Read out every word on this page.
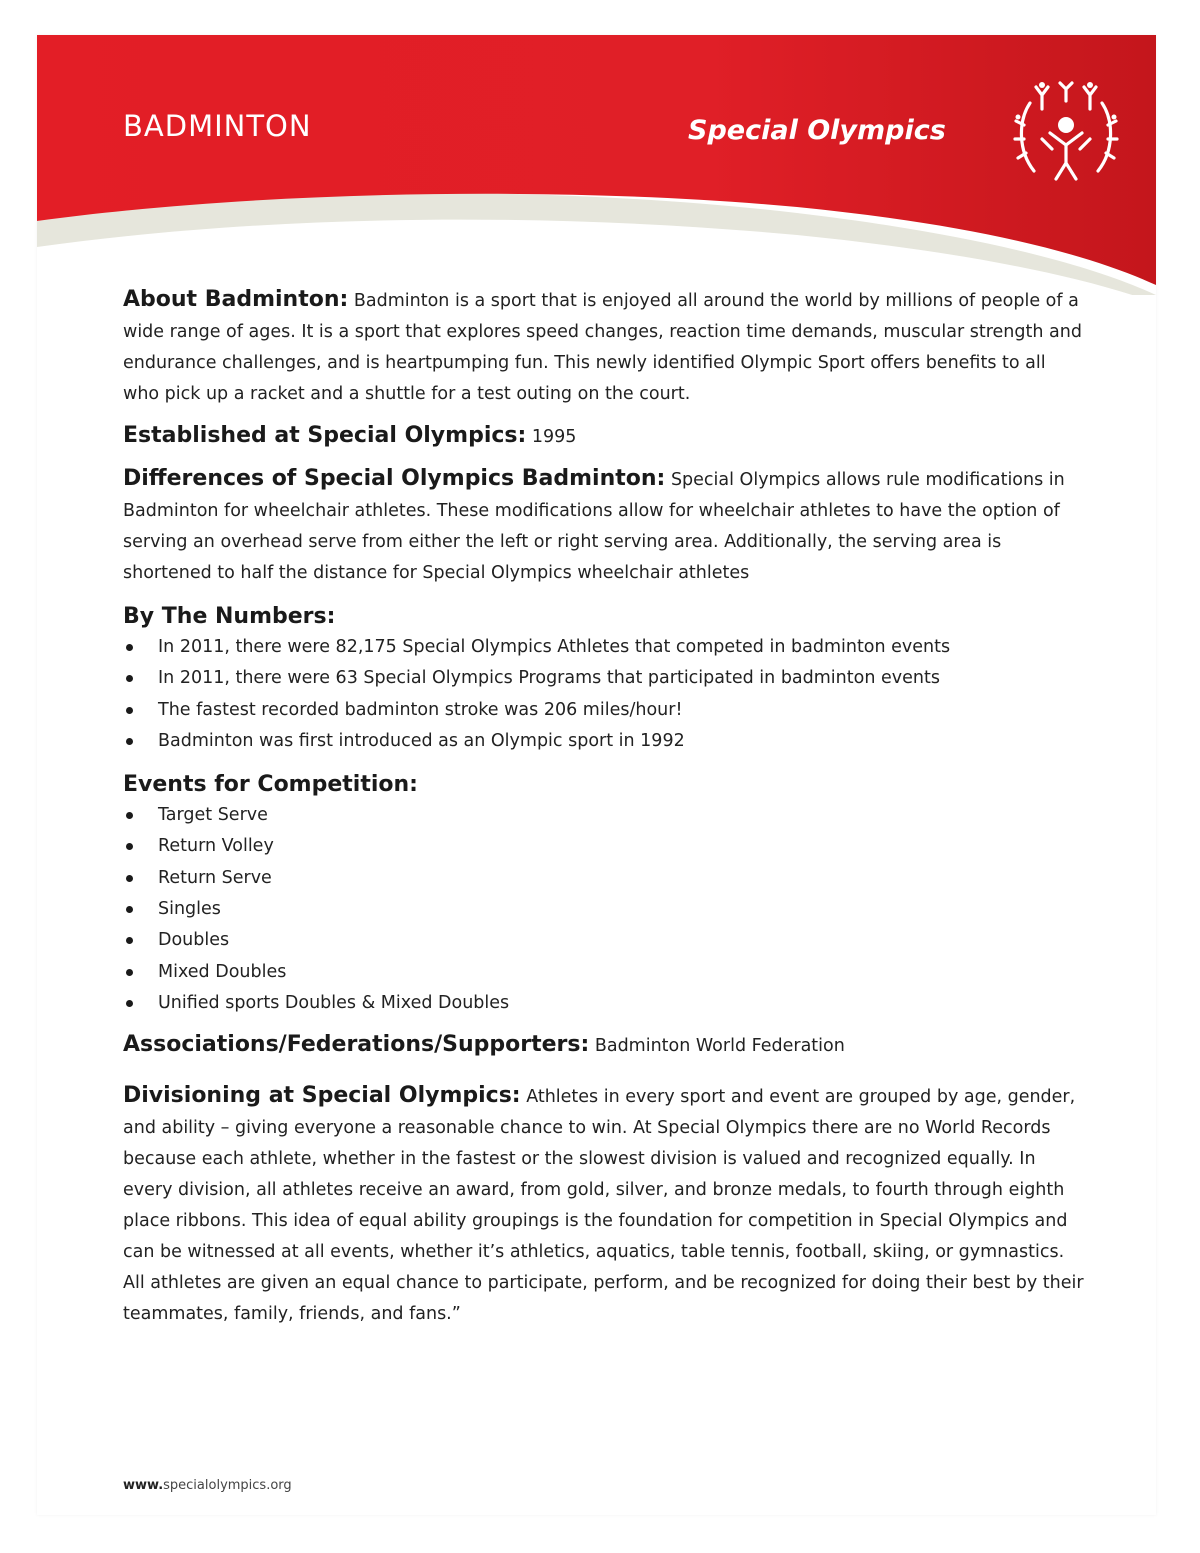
BADMINTON	Special Olympics

About Badminton: Badminton is a sport that is enjoyed all around the world by millions of people of a wide range of ages. It is a sport that explores speed changes, reaction time demands, muscular strength and endurance challenges, and is heartpumping fun. This newly identified Olympic Sport offers benefits to all who pick up a racket and a shuttle for a test outing on the court.

Established at Special Olympics: 1995

Differences of Special Olympics Badminton: Special Olympics allows rule modifications in Badminton for wheelchair athletes. These modifications allow for wheelchair athletes to have the option of serving an overhead serve from either the left or right serving area. Additionally, the serving area is shortened to half the distance for Special Olympics wheelchair athletes

By The Numbers:
In 2011, there were 82,175 Special Olympics Athletes that competed in badminton events
In 2011, there were 63 Special Olympics Programs that participated in badminton events
The fastest recorded badminton stroke was 206 miles/hour!
Badminton was first introduced as an Olympic sport in 1992
Events for Competition:
Target Serve
Return Volley
Return Serve
Singles
Doubles
Mixed Doubles
Unified sports Doubles & Mixed Doubles

Associations/Federations/Supporters: Badminton World Federation

Divisioning at Special Olympics: Athletes in every sport and event are grouped by age, gender, and ability – giving everyone a reasonable chance to win. At Special Olympics there are no World Records because each athlete, whether in the fastest or the slowest division is valued and recognized equally. In every division, all athletes receive an award, from gold, silver, and bronze medals, to fourth through eighth place ribbons. This idea of equal ability groupings is the foundation for competition in Special Olympics and can be witnessed at all events, whether it’s athletics, aquatics, table tennis, football, skiing, or gymnastics. All athletes are given an equal chance to participate, perform, and be recognized for doing their best by their teammates, family, friends, and fans.”

www.specialolympics.org
